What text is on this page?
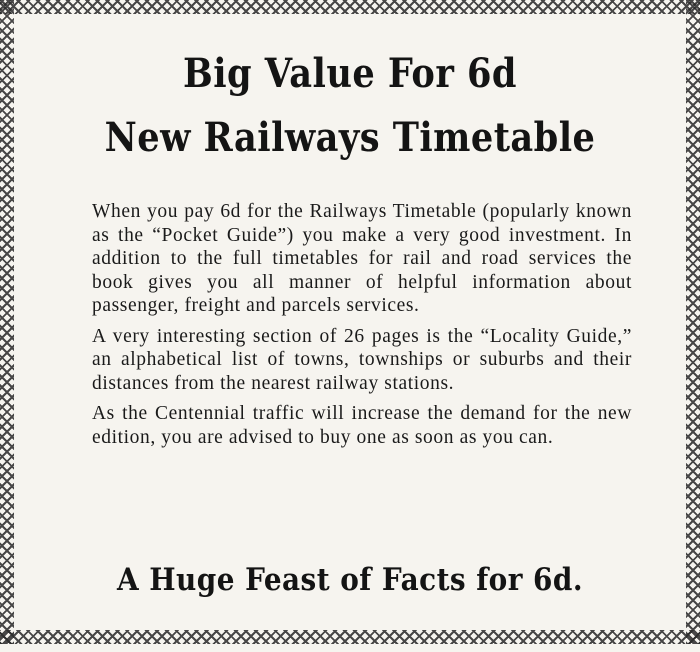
Big Value For 6d
New Railways Timetable

When you pay 6d for the Railways Timetable (popularly known as the “Pocket Guide”) you make a very good investment. In addition to the full timetables for rail and road services the book gives you all manner of helpful information about passenger, freight and parcels services.

A very interesting section of 26 pages is the “Locality Guide,” an alphabetical list of towns, townships or suburbs and their distances from the nearest railway stations.

As the Centennial traffic will increase the demand for the new edition, you are advised to buy one as soon as you can.

A Huge Feast of Facts for 6d.
